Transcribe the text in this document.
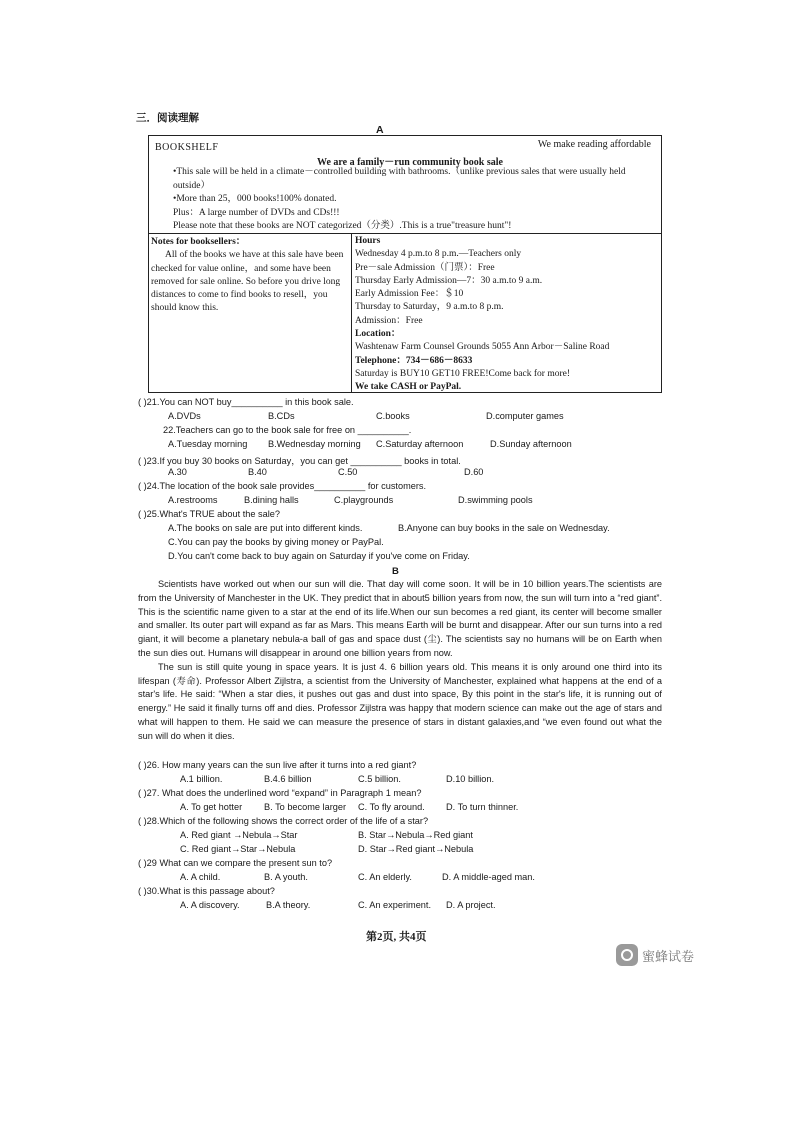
三．阅读理解
A
BOOKSHELF	We make reading affordable
We are a family－run community book sale

•This sale will be held in a climate－controlled building with bathrooms.（unlike previous sales that were usually held outside）

•More than 25，000 books!100% donated.

Plus：A large number of DVDs and CDs!!!

Please note that these books are NOT categorized（分类）.This is a true"treasure hunt"!

Notes for booksellers：
All of the books we have at this sale have been checked for value online，and some have been removed for sale online. So before you drive long distances to come to find books to resell，you should know this.
Hours
Wednesday 4 p.m.to 8 p.m.—Teachers only
Pre－sale Admission（门票）：Free
Thursday Early Admission—7：30 a.m.to 9 a.m.
Early Admission Fee：＄10
Thursday to Saturday，9 a.m.to 8 p.m.
Admission：Free
Location：
Washtenaw Farm Counsel Grounds 5055 Ann Arbor－Saline Road
Telephone：734－686－8633
Saturday is BUY10 GET10 FREE!Come back for more!
We take CASH or PayPal.
( )21.You can NOT buy__________ in this book sale.
A.DVDs	B.CDs	C.books	D.computer games
22.Teachers can go to the book sale for free on __________.
A.Tuesday morning B.Wednesday morning C.Saturday afternoon	D.Sunday afternoon
( )23.If you buy 30 books on Saturday，you can get __________ books in total.
A.30	B.40	C.50	D.60
( )24.The location of the book sale provides__________ for customers.
A.restrooms	B.dining halls	C.playgrounds	D.swimming pools
( )25.What's TRUE about the sale?
A.The books on sale are put into different kinds.	B.Anyone can buy books in the sale on Wednesday.
C.You can pay the books by giving money or PayPal.
D.You can't come back to buy again on Saturday if you've come on Friday.
B

Scientists have worked out when our sun will die. That day will come soon. It will be in 10 billion years.The scientists are from the University of Manchester in the UK. They predict that in about5 billion years from now, the sun will turn into a “red giant”. This is the scientific name given to a star at the end of its life.When our sun becomes a red giant, its center will become smaller and smaller. Its outer part will expand as far as Mars. This means Earth will be burnt and disappear. After our sun turns into a red giant, it will become a planetary nebula-a ball of gas and space dust (尘). The scientists say no humans will be on Earth when the sun dies out. Humans will disappear in around one billion years from now.

The sun is still quite young in space years. It is just 4. 6 billion years old. This means it is only around one third into its lifespan (寿命). Professor Albert Zijlstra, a scientist from the University of Manchester, explained what happens at the end of a star's life. He said: “When a star dies, it pushes out gas and dust into space, By this point in the star's life, it is running out of energy.” He said it finally turns off and dies. Professor Zijlstra was happy that modern science can make out the age of stars and what will happen to them. He said we can measure the presence of stars in distant galaxies,and “we even found out what the sun will do when it dies.

( )26. How many years can the sun live after it turns into a red giant?
A.1 billion.	B.4.6 billion	C.5 billion.	D.10 billion.
( )27. What does the underlined word “expand” in Paragraph 1 mean?
A. To get hotter B. To become larger C. To fly around. D. To turn thinner.
( )28.Which of the following shows the correct order of the life of a star?
A. Red giant →Nebula→Star	B. Star→Nebula→Red giant
C. Red giant→Star→Nebula	D. Star→Red giant→Nebula
( )29 What can we compare the present sun to?
A. A child.	B. A youth.	C. An elderly.	D. A middle-aged man.
( )30.What is this passage about?
A. A discovery.	B.A theory.	C. An experiment. D. A project.
第2页, 共4页
蜜蜂试卷
